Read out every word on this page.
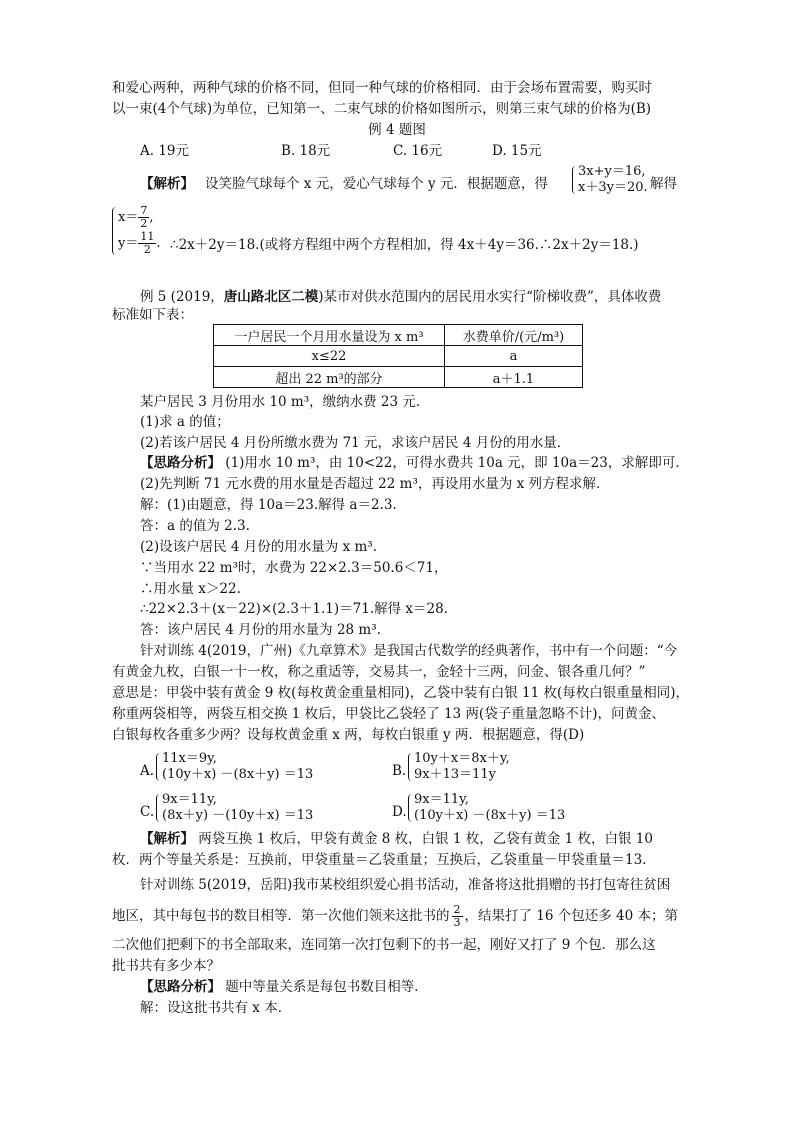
和爱心两种，两种气球的价格不同，但同一种气球的价格相同．由于会场布置需要，购买时
以一束(4个气球)为单位，已知第一、二束气球的价格如图所示，则第三束气球的价格为(B)
例 4 题图
A. 19元	B. 18元	C. 16元	D. 15元
【解析】 设笑脸气球每个 x 元，爱心气球每个 y 元．根据题意，得
3x+y＝16,
x＋3y＝20. 解得
$x= \frac{7}{2}$ ,
$y= \frac{11}{2}$ . ∴2x＋2y＝18.(或将方程组中两个方程相加，得 4x＋4y＝36.∴2x＋2y＝18.)
例 5 (2019，唐山路北区二模)某市对供水范围内的居民用水实行“阶梯收费”，具体收费
标准如下表：
一户居民一个月用水量设为 x m³	水费单价/(元/m³)
x≤22	a
超出 22 m³的部分	a＋1.1
某户居民 3 月份用水 10 m³，缴纳水费 23 元．
(1)求 a 的值；
(2)若该户居民 4 月份所缴水费为 71 元，求该户居民 4 月份的用水量．
【思路分析】 (1)用水 10 m³，由 10<22，可得水费共 10a 元，即 10a＝23，求解即可．
(2)先判断 71 元水费的用水量是否超过 22 m³，再设用水量为 x 列方程求解．
解：(1)由题意，得 10a＝23.解得 a＝2.3.
答：a 的值为 2.3.
(2)设该户居民 4 月份的用水量为 x m³.
∵当用水 22 m³时，水费为 22×2.3＝50.6＜71，
∴用水量 x＞22.
∴22×2.3＋(x－22)×(2.3＋1.1)＝71.解得 x＝28.
答：该户居民 4 月份的用水量为 28 m³.
针对训练 4(2019，广州)《九章算术》是我国古代数学的经典著作，书中有一个问题：“今
有黄金九枚，白银一十一枚，称之重适等，交易其一，金轻十三两，问金、银各重几何？”
意思是：甲袋中装有黄金 9 枚(每枚黄金重量相同)，乙袋中装有白银 11 枚(每枚白银重量相同)，
称重两袋相等，两袋互相交换 1 枚后，甲袋比乙袋轻了 13 两(袋子重量忽略不计)，问黄金、
白银每枚各重多少两？设每枚黄金重 x 两，每枚白银重 y 两．根据题意，得(D)
A.
11x＝9y,
(10y＋x) －(8x＋y) ＝13	B.
10y＋x＝8x＋y,
9x＋13＝11y
C.
9x＝11y,
(8x＋y) －(10y＋x) ＝13	D.
9x＝11y,
(10y＋x) －(8x＋y) ＝13
【解析】 两袋互换 1 枚后，甲袋有黄金 8 枚，白银 1 枚，乙袋有黄金 1 枚，白银 10
枚．两个等量关系是：互换前，甲袋重量＝乙袋重量；互换后，乙袋重量－甲袋重量＝13.
针对训练 5(2019，岳阳)我市某校组织爱心捐书活动，准备将这批捐赠的书打包寄往贫困
地区，其中每包书的数目相等．第一次他们领来这批书的 $\frac{2}{3}$ ，结果打了 16 个包还多 40 本；第
二次他们把剩下的书全部取来，连同第一次打包剩下的书一起，刚好又打了 9 个包．那么这
批书共有多少本？
【思路分析】 题中等量关系是每包书数目相等．
解：设这批书共有 x 本．
